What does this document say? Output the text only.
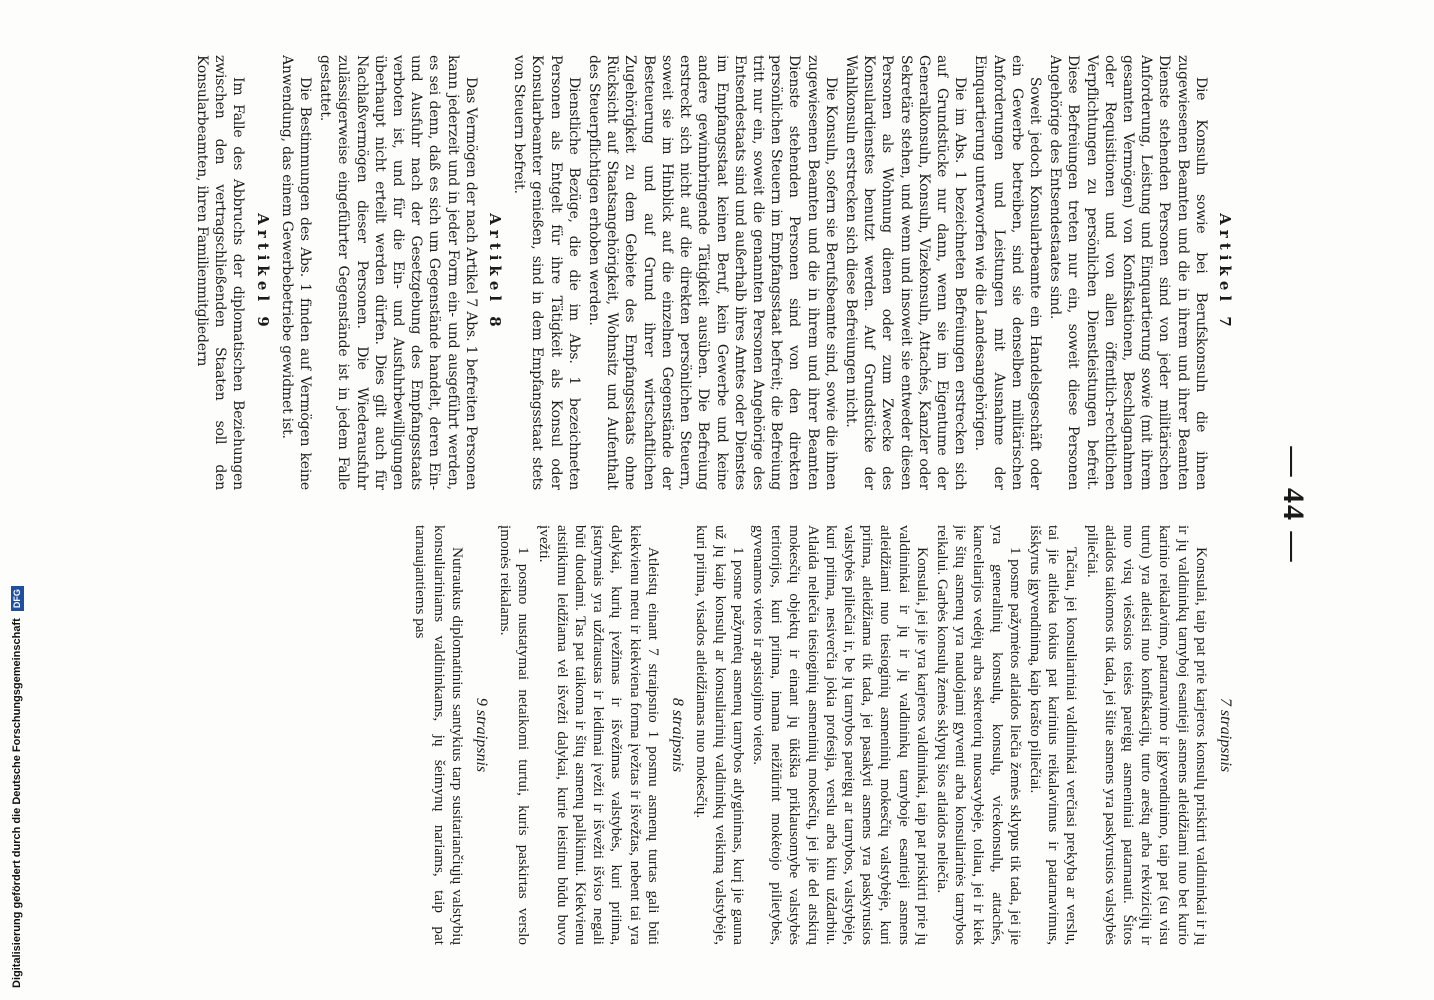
Digitalisierung gefördert durch die Deutsche Forschungsgemeinschaft DFG
— 44 —
Artikel 7
Die Konsuln sowie bei Berufskonsuln die ihnen zugewiesenen Beamten und die in ihrem und ihrer Beamten Dienste stehenden Personen sind von jeder militärischen Anforderung, Leistung und Einquartierung sowie (mit ihrem gesamten Vermögen) von Konfiskationen, Beschlagnahmen oder Requisitionen und von allen öffentlich-rechtlichen Verpflichtungen zu persönlichen Dienstleistungen befreit. Diese Befreiungen treten nur ein, soweit diese Personen Angehörige des Entsendestaates sind.
Soweit jedoch Konsularbeamte ein Handelsgeschäft oder ein Gewerbe betreiben, sind sie denselben militärischen Anforderungen und Leistungen mit Ausnahme der Einquartierung unterworfen wie die Landesangehörigen.
Die im Abs. 1 bezeichneten Befreiungen erstrecken sich auf Grundstücke nur dann, wenn sie im Eigentume der Generalkonsuln, Konsuln, Vizekonsuln, Attachés, Kanzler oder Sekretäre stehen, und wenn und insoweit sie entweder diesen Personen als Wohnung dienen oder zum Zwecke des Konsulardienstes benutzt werden. Auf Grundstücke der Wahlkonsuln erstrecken sich diese Befreiungen nicht.
Die Konsuln, sofern sie Berufsbeamte sind, sowie die ihnen zugewiesenen Beamten und die in ihrem und ihrer Beamten Dienste stehenden Personen sind von den direkten persönlichen Steuern im Empfangsstaat befreit; die Befreiung tritt nur ein, soweit die genannten Personen Angehörige des Entsendestaats sind und außerhalb ihres Amtes oder Dienstes im Empfangsstaat keinen Beruf, kein Gewerbe und keine andere gewinnbringende Tätigkeit ausüben. Die Befreiung erstreckt sich nicht auf die direkten persönlichen Steuern, soweit sie im Hinblick auf die einzelnen Gegenstände der Besteuerung und auf Grund ihrer wirtschaftlichen Zugehörigkeit zu dem Gebiete des Empfangsstaats ohne Rücksicht auf Staatsangehörigkeit, Wohnsitz und Aufenthalt des Steuerpflichtigen erhoben werden.
Dienstliche Bezüge, die die im Abs. 1 bezeichneten Personen als Entgelt für ihre Tätigkeit als Konsul oder Konsularbeamter genießen, sind in dem Empfangsstaat stets von Steuern befreit.
Artikel 8
Das Vermögen der nach Artikel 7 Abs. 1 befreiten Personen kann jederzeit und in jeder Form ein- und ausgeführt werden, es sei denn, daß es sich um Gegenstände handelt, deren Ein- und Ausfuhr nach der Gesetzgebung des Empfangsstaats verboten ist, und für die Ein- und Ausfuhrbewilligungen überhaupt nicht erteilt werden dürfen. Dies gilt auch für Nachlaßvermögen dieser Personen. Die Wiederausfuhr zulässigerweise eingeführter Gegenstände ist in jedem Falle gestattet.
Die Bestimmungen des Abs. 1 finden auf Vermögen keine Anwendung, das einem Gewerbebetriebe gewidmet ist.
Artikel 9
Im Falle des Abbruchs der diplomatischen Beziehungen zwischen den vertragschließenden Staaten soll den Konsularbeamten, ihren Familienmitgliedern
7 straipsnis
Konsulai, taip pat prie karjeros konsulų priskirti valdininkai ir jų ir jų valdininkų tarnyboj esantieji asmens atleidžiami nuo bet kurio karinio reikalavimo, patarnavimo ir įgyvendinimo, taip pat (su visu turtu) yra atleisti nuo konfiskacijų, turto areštų arba rekvizicijų ir nuo visų viešosios teisės pareigų asmeniniai patarnauti. Šitos atlaidos taikomos tik tada, jei šitie asmens yra paskyrusios valstybės piliečiai.
Tačiau, jei konsuliariniai valdininkai verčiasi prekyba ar verslu, tai jie atlieka tokius pat karinius reikalavimus ir patarnavimus, išskyrus įgyvendinimą, kaip krašto piliečiai.
1 posme pažymėtos atlaidos liečia žemės sklypus tik tada, jei jie yra generalinių konsulų, konsulų, vicekonsulų, attachés, kanceliarijos vedėjų arba sekretorių nuosavybėje, toliau, jei ir kiek jie šitų asmenų yra naudojami gyventi arba konsuliarinės tarnybos reikalui. Garbės konsulų žemės sklypų šios atlaidos neliečia.
Konsulai, jei jie yra karjeros valdininkai, taip pat priskirti prie jų valdininkai ir jų ir jų valdininkų tarnyboje esantieji asmens atleidžiami nuo tiesioginių asmeninių mokesčių valstybėje, kuri priima, atleidžiama tik tada, jei pasakyti asmens yra paskyrusios valstybės piliečiai ir, be jų tarnybos pareigų ar tarnybos, valstybėje, kuri priima, nesiverčia jokia profesija, verslu arba kitu uždarbiu. Atlaida neliečia tiesioginių asmeninių mokesčių, jei jie del atskirų mokesčių objektų ir einant jų ūkiška priklausomybe valstybės teritorijos, kuri priima, imama neižiūrint mokėtojo pilietybės, gyvenamos vietos ir apsistojimo vietos.
1 posme pažymėtų asmenų tarnybos atlyginimas, kurį jie gauna už jų kaip konsulų ar konsuliarinių valdininkų veikimą valstybėje, kuri priima, visados atleidžiamas nuo mokesčių.
8 straipsnis
Atleistų einant 7 straipsnio 1 posmu asmenų turtas gali būti kiekvienu metu ir kiekviena forma įvežtas ir išvežtas, nebent tai yra dalykai, kurių įvežimas ir išvežimas valstybės, kuri priima, įstatymais yra uždraustas ir leidimai įvežti ir išvežti išviso negali būti duodami. Tas pat taikoma ir šitų asmenų palikimui. Kiekvienu atsitikimu leidžiama vėl išvežti dalykai, kurie leistinu būdu buvo įvežti.
1 posmo nustatymai netaikomi turtui, kuris paskirtas verslo įmonės reikalams.
9 straipsnis
Nutraukus diplomatinius santykius tarp susitariančiųjų valstybių konsuliariniams valdininkams, jų šeimynų nariams, taip pat tarnaujantiems pas
